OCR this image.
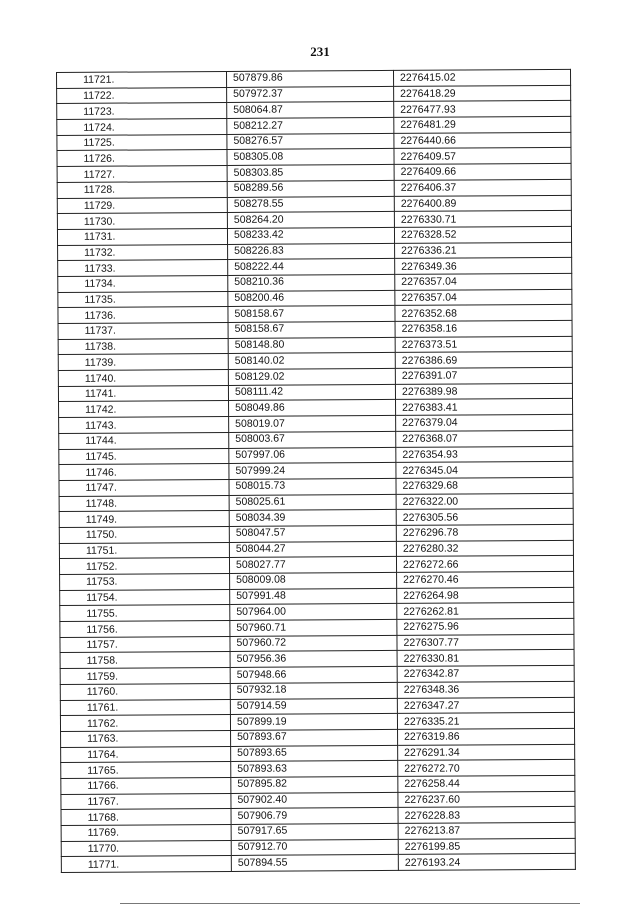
231
11721.	507879.86	2276415.02
11722.	507972.37	2276418.29
11723.	508064.87	2276477.93
11724.	508212.27	2276481.29
11725.	508276.57	2276440.66
11726.	508305.08	2276409.57
11727.	508303.85	2276409.66
11728.	508289.56	2276406.37
11729.	508278.55	2276400.89
11730.	508264.20	2276330.71
11731.	508233.42	2276328.52
11732.	508226.83	2276336.21
11733.	508222.44	2276349.36
11734.	508210.36	2276357.04
11735.	508200.46	2276357.04
11736.	508158.67	2276352.68
11737.	508158.67	2276358.16
11738.	508148.80	2276373.51
11739.	508140.02	2276386.69
11740.	508129.02	2276391.07
11741.	508111.42	2276389.98
11742.	508049.86	2276383.41
11743.	508019.07	2276379.04
11744.	508003.67	2276368.07
11745.	507997.06	2276354.93
11746.	507999.24	2276345.04
11747.	508015.73	2276329.68
11748.	508025.61	2276322.00
11749.	508034.39	2276305.56
11750.	508047.57	2276296.78
11751.	508044.27	2276280.32
11752.	508027.77	2276272.66
11753.	508009.08	2276270.46
11754.	507991.48	2276264.98
11755.	507964.00	2276262.81
11756.	507960.71	2276275.96
11757.	507960.72	2276307.77
11758.	507956.36	2276330.81
11759.	507948.66	2276342.87
11760.	507932.18	2276348.36
11761.	507914.59	2276347.27
11762.	507899.19	2276335.21
11763.	507893.67	2276319.86
11764.	507893.65	2276291.34
11765.	507893.63	2276272.70
11766.	507895.82	2276258.44
11767.	507902.40	2276237.60
11768.	507906.79	2276228.83
11769.	507917.65	2276213.87
11770.	507912.70	2276199.85
11771.	507894.55	2276193.24
